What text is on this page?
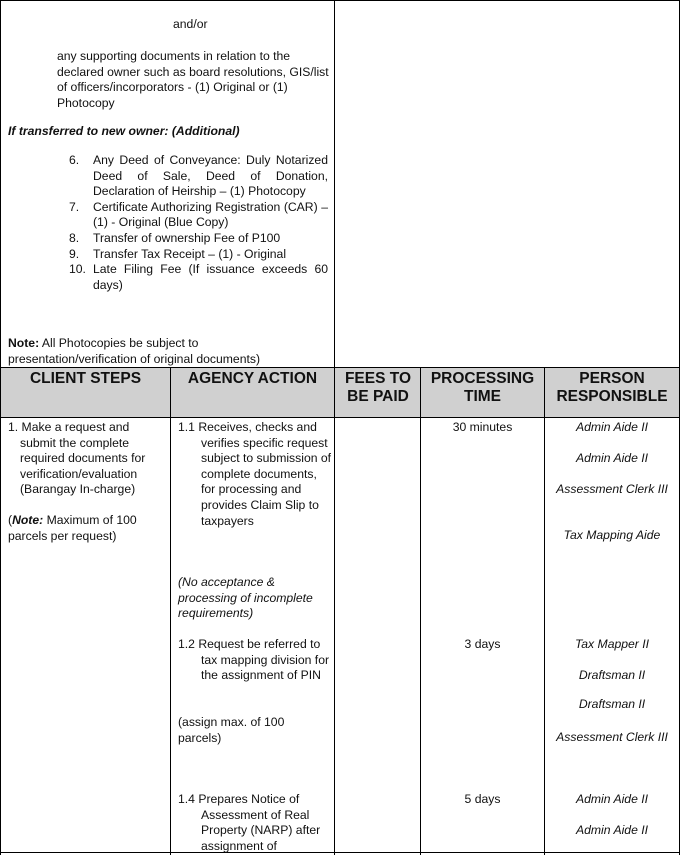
and/or
any supporting documents in relation to the declared owner such as board resolutions, GIS/list of officers/incorporators - (1) Original or (1) Photocopy
If transferred to new owner: (Additional)
6. Any Deed of Conveyance: Duly Notarized Deed of Sale, Deed of Donation, Declaration of Heirship – (1) Photocopy
7. Certificate Authorizing Registration (CAR) – (1) - Original (Blue Copy)
8. Transfer of ownership Fee of P100
9. Transfer Tax Receipt – (1) - Original
10. Late Filing Fee (If issuance exceeds 60 days)
Note: All Photocopies be subject to presentation/verification of original documents)
CLIENT STEPS	AGENCY ACTION	FEES TO BE PAID
PROCESSING TIME
PERSON RESPONSIBLE
1. Make a request and submit the complete required documents for verification/evaluation (Barangay In-charge)
(Note: Maximum of 100 parcels per request)
1.1 Receives, checks and verifies specific request subject to submission of complete documents, for processing and provides Claim Slip to taxpayers
(No acceptance & processing of incomplete requirements)
1.2 Request be referred to tax mapping division for the assignment of PIN
(assign max. of 100 parcels)
1.4 Prepares Notice of Assessment of Real Property (NARP) after assignment of
30 minutes
3 days
5 days
Admin Aide II
Admin Aide II
Assessment Clerk III
Tax Mapping Aide
Tax Mapper II
Draftsman II
Draftsman II
Assessment Clerk III
Admin Aide II
Admin Aide II
